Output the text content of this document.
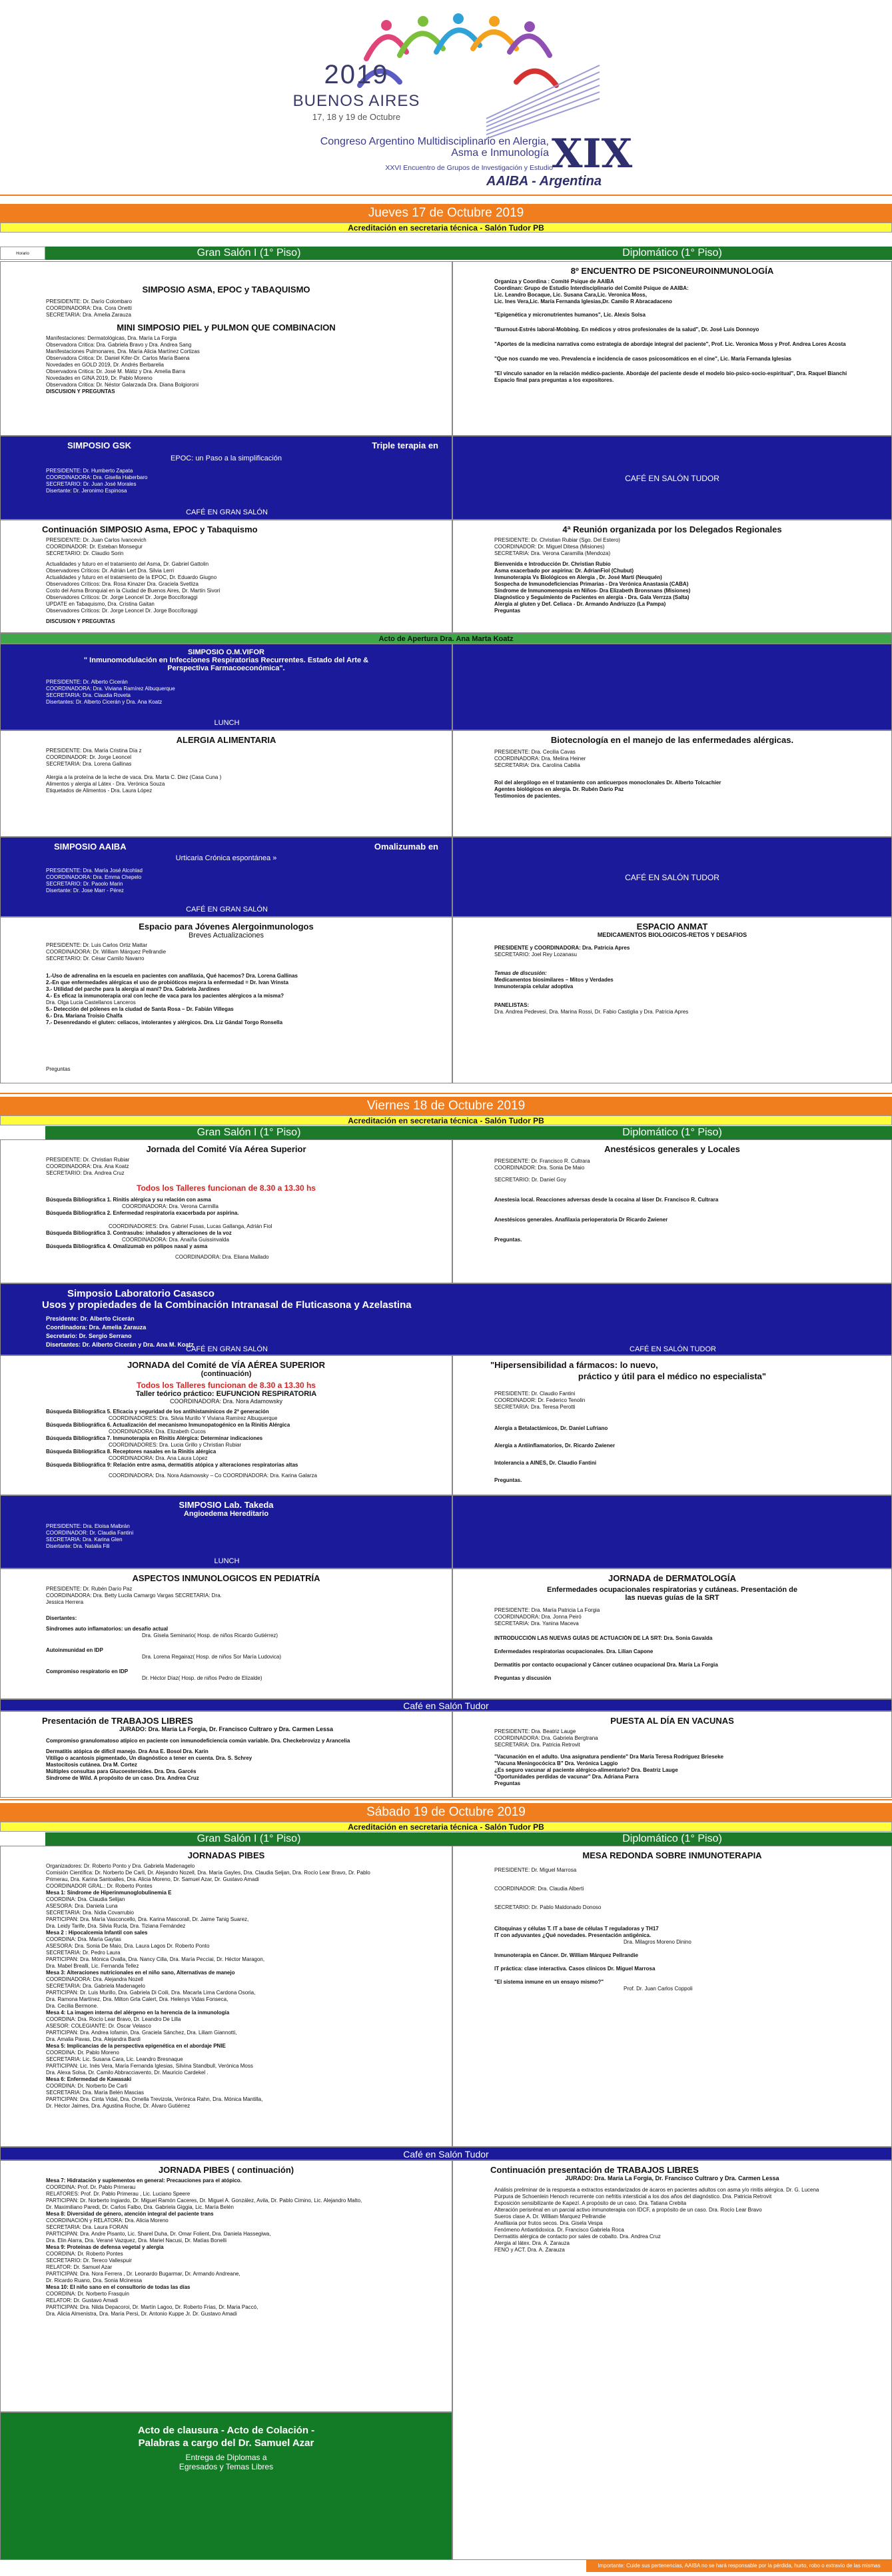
2019
BUENOS AIRES
17, 18 y 19 de Octubre
Congreso Argentino Multidisciplinario en Alergia, Asma e Inmunología XIX
XXVI Encuentro de Grupos de Investigación y Estudio
AAIBA - Argentina
Jueves 17 de Octubre 2019
Acreditación en secretaria técnica - Salón Tudor PB
Horario	Gran Salón I (1° Piso)	Diplomático (1° Piso)
SIMPOSIO ASMA, EPOC y TABAQUISMO
PRESIDENTE: Dr. Darío Colombaro
COORDINADORA: Dra. Cora Onetti
SECRETARIA: Dra. Amelia Zarauza
MINI SIMPOSIO PIEL y PULMON QUE COMBINACION
Manifestaciones: Dermatológicas, Dra. María La Forgia
Observadora Critica: Dra. Gabriela Bravo y Dra. Andrea Sang
Manifestaciones Pulmonares, Dra. María Alicia Martínez Cortizas
Observadora Critica: Dr. Daniel Kifer-Dr. Carlos María Baena
Novedades en GOLD 2019, Dr. Andrés Berbarelia
Observadora Critica: Dr. José M. Mátiz y Dra. Amelia Barra
Novedades en GINA 2019, Dr. Pablo Moreno
Observadora Critica: Dr. Néstor Galarzada Dra. Diana Bolgioroni
DISCUSION Y PREGUNTAS
8º ENCUENTRO DE PSICONEUROINMUNOLOGÍA
Organiza y Coordina : Comité Psique de AAIBA
Coordinan: Grupo de Estudio Interdisciplinario del Comité Psique de AAIBA:
Lic. Leandro Bocaque, Lic. Susana Cara,Lic. Veronica Moss,
Lic. Ines Vera,Lic. María Fernanda Iglesias,Dr. Camilo R Abracadaceno
"Epigenética y micronutrientes humanos", Lic. Alexis Solsa
"Burnout-Estrés laboral-Mobbing. En médicos y otros profesionales de la salud", Dr. José Luis Donnoyo
"Aportes de la medicina narrativa como estrategia de abordaje integral del paciente", Prof. Lic. Veronica Moss y Prof. Andrea Lores Acosta
"Que nos cuando me veo. Prevalencia e incidencia de casos psicosomáticos en el cine", Lic. María Fernanda Iglesias
"El vínculo sanador en la relación médico-paciente. Abordaje del paciente desde el modelo bio-psico-socio-espiritual", Dra. Raquel Bianchi
Espacio final para preguntas a los expositores.
SIMPOSIO GSK	Triple terapia en
EPOC: un Paso a la simplificación
PRESIDENTE: Dr. Humberto Zapata
COORDINADORA: Dra. Gisella Haberbaro
SECRETARIO: Dr. Juan José Morales
Disertante: Dr. Jeronimo Espinosa
CAFÉ EN GRAN SALÓN
CAFÉ EN SALÓN TUDOR
Continuación SIMPOSIO Asma, EPOC y Tabaquismo
PRESIDENTE: Dr. Juan Carlos Ivancevich
COORDINADOR: Dr. Esteban Monsegur
SECRETARIO: Dr. Claudio Sorin
Actualidades y futuro en el tratamiento del Asma, Dr. Gabriel Gattolin
Observadores Críticos: Dr. Adrián Lert Dra. Silvia Lerri
Actualidades y futuro en el tratamiento de la EPOC, Dr. Eduardo Giugno
Observadores Críticos: Dra. Rosa Kinazer Dra. Graciela Svetliza
Costo del Asma Bronquial en la Ciudad de Buenos Aires, Dr. Martín Sivori
Observadores Críticos: Dr. Jorge Leoncel Dr. Jorge Bocciforaggi
UPDATE en Tabaquismo, Dra. Cristina Gaitan
Observadores Críticos: Dr. Jorge Leoncel Dr. Jorge Bocciforaggi
DISCUSION Y PREGUNTAS
4ª Reunión organizada por los Delegados Regionales
PRESIDENTE: Dr. Christian Rubiar (Sgo. Del Estero)
COORDINADOR: Dr. Miguel Ditesa (Misiones)
SECRETARIA: Dra. Verona Caramilla (Mendoza)
Bienvenida e Introducción Dr. Christian Rubio
Asma exacerbado por aspirina: Dr. AdrianFiol (Chubut)
Inmunoterapia Vs Biológicos en Alergia , Dr. José Martí (Neuquén)
Sospecha de Inmunodeficiencias Primarias - Dra Verónica Anastasia (CABA)
Síndrome de Inmunomenopsia en Niños- Dra Elizabeth Bronsnans (Misiones)
Diagnóstico y Seguimiento de Pacientes en alergia - Dra. Gala Verrzza (Salta)
Alergia al gluten y Def. Celiaca - Dr. Armando Andriuzzo (La Pampa)
Preguntas
Acto de Apertura Dra. Ana Marta Koatz
SIMPOSIO O.M.VIFOR
" Inmunomodulación en Infecciones Respiratorias Recurrentes. Estado del Arte & Perspectiva Farmacoeconómica".
PRESIDENTE: Dr. Alberto Cicerán
COORDINADORA: Dra. Viviana Ramírez Albuquerque
SECRETARIA: Dra. Claudia Roveta
Disertantes: Dr. Alberto Cicerán y Dra. Ana Koatz
LUNCH
ALERGIA ALIMENTARIA
PRESIDENTE: Dra. María Cristina Día z
COORDINADOR: Dr. Jorge Leoncel
SECRETARIA: Dra. Lorena Gallinas
Alergia a la proteína de la leche de vaca. Dra. Marta C. Diez (Casa Cuna )
Alimentos y alergia al Látex - Dra. Verónica Souza
Etiquetados de Alimentos - Dra. Laura López
Biotecnología en el manejo de las enfermedades alérgicas.
PRESIDENTE: Dra. Cecilia Cavas
COORDINADORA: Dra. Melina Heiner
SECRETARIA: Dra. Carolina Cabilia
Rol del alergólogo en el tratamiento con anticuerpos monoclonales Dr. Alberto Tolcachier
Agentes biológicos en alergia. Dr. Rubén Darío Paz
Testimonios de pacientes.
SIMPOSIO AAIBA	Omalizumab en
Urticaria Crónica espontánea »
PRESIDENTE: Dra. María José Alcohlad
COORDINADORA: Dra. Emma Chepelo
SECRETARIO: Dr. Paoolo Marin
Disertante: Dr. Jose Marr - Pérez
CAFÉ EN GRAN SALÓN
CAFÉ EN SALÓN TUDOR
Espacio para Jóvenes Alergoinmunologos
Breves Actualizaciones
PRESIDENTE: Dr. Luis Carlos Ortiz Mattar
COORDINADORA: Dr. William Márquez Pellrandie
SECRETARIO: Dr. César Camilo Navarro
1.-Uso de adrenalina en la escuela en pacientes con anafilaxia, Qué hacemos? Dra. Lorena Gallinas
2.-En que enfermedades alérgicas el uso de probióticos mejora la enfermedad = Dr. Ivan Vrinsta
3.- Utilidad del parche para la alergia al maní? Dra. Gabriela Jardines
4.- Es eficaz la inmunoterapia oral con leche de vaca para los pacientes alérgicos a la misma?
Dra. Olga Lucia Castellanos Lanceros
5.- Detección del pólenes en la ciudad de Santa Rosa – Dr. Fabián Villegas
6.- Dra. Mariana Troisio Chalfa
7.- Desenredando el gluten: celiacos, intolerantes y alérgicos. Dra. Liz Gándal Torgo Ronsella
Preguntas
ESPACIO ANMAT
MEDICAMENTOS BIOLOGICOS-RETOS Y DESAFIOS
PRESIDENTE y COORDINADORA: Dra. Patricia Apres
SECRETARIO: Joel Rey Lozanasu
Temas de discusión:
Medicamentos biosimilares – Mitos y Verdades
Inmunoterapia celular adoptiva
PANELISTAS:
Dra. Andrea Pedevesi, Dra. Marina Rossi, Dr. Fabio Castiglia y Dra. Patricia Apres
Viernes 18 de Octubre 2019
Acreditación en secretaria técnica - Salón Tudor PB
Gran Salón I (1° Piso)	Diplomático (1° Piso)
Jornada del Comité Vía Aérea Superior
PRESIDENTE: Dr. Christian Rubiar
COORDINADORA: Dra. Ana Koatz
SECRETARIO: Dra. Andrea Cruz
Todos los Talleres funcionan de 8.30 a 13.30 hs
Búsqueda Bibliográfica 1. Rinitis alérgica y su relación con asma
COORDINADORA: Dra. Verona Carmilla
Búsqueda Bibliográfica 2. Enfermedad respiratoria exacerbada por aspirina.
COORDINADORES: Dra. Gabriel Fusas, Lucas Gallanga, Adrián Fiol
Búsqueda Bibliográfica 3. Contrasubs: inhalados y alteraciones de la voz
COORDINADORA: Dra. Anaíña Guissinvalda
Búsqueda Bibliográfica 4. Omalizumab en pólipos nasal y asma
COORDINADORA: Dra. Eliana Mallado
Anestésicos generales y Locales
PRESIDENTE: Dr. Francisco R. Cultrara
COORDINADOR: Dra. Sonia De Maio
SECRETARIO: Dr. Daniel Goy
Anestesia local. Reacciones adversas desde la cocaína al láser Dr. Francisco R. Cultrara
Anestésicos generales. Anafilaxia perioperatoria Dr Ricardo Zwiener
Preguntas.
Simposio Laboratorio Casasco
Usos y propiedades de la Combinación Intranasal de Fluticasona y Azelastina
Presidente: Dr. Alberto Cicerán
Coordinadora: Dra. Amelia Zarauza
Secretario: Dr. Sergio Serrano
Disertantes: Dr. Alberto Cicerán y Dra. Ana M. Koatz
CAFÉ EN GRAN SALÓN	CAFÉ EN SALÓN TUDOR
JORNADA del Comité de VÍA AÉREA SUPERIOR
(continuación)
Todos los Talleres funcionan de 8.30 a 13.30 hs
Taller teórico práctico: EUFUNCION RESPIRATORIA
COORDINADORA: Dra. Nora Adamowsky
Búsqueda Bibliográfica 5. Eficacia y seguridad de los antihistamínicos de 2ª generación
COORDINADORES: Dra. Silvia Murillo Y Viviana Ramírez Albuquerque
Búsqueda Bibliográfica 6. Actualización del mecanismo Inmunopatogénico en la Rinitis Alérgica
COORDINADORA: Dra. Elizabeth Cucos
Búsqueda Bibliográfica 7. Inmunoterapia en Rinitis Alérgica: Determinar indicaciones
COORDINADORES: Dra. Lucia Grillo y Christian Rubiar
Búsqueda Bibliográfica 8. Receptores nasales en la Rinitis alérgica
COORDINADORA: Dra. Ana Laura López
Búsqueda Bibliográfica 9: Relación entre asma, dermatitis atópica y alteraciones respiratorias altas
COORDINADORA: Dra. Nora Adamowsky – Co COORDINADORA: Dra. Karina Galarza
"Hipersensibilidad a fármacos: lo nuevo,
práctico y útil para el médico no especialista"
PRESIDENTE: Dr. Claudio Fantini
COORDINADOR: Dr. Federico Tenolin
SECRETARIA: Dra. Teresa Perotti
Alergia a Betalactámicos, Dr. Daniel Lufriano
Alergia a Antiinflamatorios, Dr. Ricardo Zwiener
Intolerancia a AINES, Dr. Claudio Fantini
Preguntas.
SIMPOSIO Lab. Takeda
Angioedema Hereditario
PRESIDENTE: Dra. Eloisa Malbrán
COORDINADOR: Dr. Claudia Fantini
SECRETARIA: Dra. Karina Glen
Disertante: Dra. Natalia Fili
LUNCH
ASPECTOS INMUNOLOGICOS EN PEDIATRÍA
PRESIDENTE: Dr. Rubén Darío Paz
COORDINADORA: Dra. Betty Lucila Camargo Vargas SECRETARIA: Dra.
Jessica Herrera
Disertantes:
Síndromes auto inflamatorios: un desafío actual
Dra. Gisela Seminario( Hosp. de niños Ricardo Gutiérrez)
Autoinmunidad en IDP
Dra. Lorena Regairaz( Hosp. de niños Sor María Ludovica)
Compromiso respiratorio en IDP
Dr. Héctor Díaz( Hosp. de niños Pedro de Elizalde)
JORNADA de DERMATOLOGÍA
Enfermedades ocupacionales respiratorias y cutáneas. Presentación de las nuevas guías de la SRT
PRESIDENTE: Dra. María Patricia La Forgia
COORDINADORA: Dra. Jonna Peiró
SECRETARIA: Dra. Yanina Maceva
INTRODUCCIÓN LAS NUEVAS GUÍAS DE ACTUACIÓN DE LA SRT: Dra. Sonia Gavalda
Enfermedades respiratorias ocupacionales. Dra. Lilian Capone
Dermatitis por contacto ocupacional y Cáncer cutáneo ocupacional Dra. María La Forgia
Preguntas y discusión
Café en Salón Tudor
Presentación de TRABAJOS LIBRES
JURADO: Dra. María La Forgia, Dr. Francisco Cultraro y Dra. Carmen Lessa
Compromiso granulomatoso atípico en paciente con inmunodeficiencia común variable. Dra. Checkebrovizz y Arancelia
Dermatitis atópica de difícil manejo. Dra Ana E. Bosol Dra. Karin
Vitiligo o acantosis pigmentado, Un diagnóstico a tener en cuenta. Dra. S. Schrey
Mastocitosis cutánea. Dra M. Cortez
Múltiples consultas para Glucoesteroides. Dra. Dra. Garcés
Síndrome de Wild. A propósito de un caso. Dra. Andrea Cruz
PUESTA AL DÍA EN VACUNAS
PRESIDENTE: Dra. Beatriz Lauge
COORDINADORA: Dra. Gabriela Bergtrana
SECRETARIA: Dra. Patricia Retrovit
"Vacunación en el adulto. Una asignatura pendiente" Dra María Teresa Rodríguez Brieseke
"Vacuna Meningocócica B" Dra. Verónica Laggio
¿Es seguro vacunar al paciente alérgico-alimentario? Dra. Beatriz Lauge
"Oportunidades perdidas de vacunar" Dra. Adriana Parra
Preguntas
Sábado 19 de Octubre 2019
Acreditación en secretaria técnica - Salón Tudor PB
Gran Salón I (1° Piso)	Diplomático (1° Piso)
JORNADAS PIBES
Organizadores: Dr. Roberto Ponto y Dra. Gabriela Madenagelo
Comisión Científica: Dr. Norberto De Carli, Dr. Alejandro Nozell, Dra. María Gayles, Dra. Claudia Seljan, Dra. Rocío Lear Bravo, Dr. Pablo
Primerau, Dra. Karina Santoalles, Dra. Alicia Moreno, Dr. Samuel Azar, Dr. Gustavo Amadi
COORDINADOR GRAL.: Dr. Roberto Pontes
Mesa 1: Síndrome de Hiperinmunoglobulinemia E
COORDINA: Dra. Claudia Selijan
ASESORA: Dra. Daniela Luna
SECRETARIA: Dra. Nidia Covarrubio
PARTICIPAN: Dra. María Vasconcello, Dra. Karina Mascorall, Dr. Jaime Tanig Suarez,
Dra. Leidy Tarife, Dra. Silvia Rucla, Dra. Tiziana Fernández
Mesa 2 : Hipocalcemia Infantil con sales
COORDINA: Dra. María Gaytas
ASESORA: Dra. Sonia De Maio, Dra. Laura Lagos Dr. Roberto Ponto
SECRETARIA: Dr. Pedro Laura
PARTICIPAN: Dra. Mónica Ovalla, Dra. Nancy Cilla, Dra. María Pecciai, Dr. Héctor Maragon,
Dra. Mabel Brealli, Lic. Fernanda Tellez
Mesa 3: Alteraciones nutricionales en el niño sano, Alternativas de manejo
COORDINADORA: Dra. Alejandra Nozell
SECRETARIA: Dra. Gabriela Madenagelo
PARTICIPAN: Dr. Luis Murillo, Dra. Gabriela Di Coili, Dra. Macarla Lima Cardona Osoria,
Dra. Ramona Martínez, Dra. Milton Grta Calert, Dra. Helenys Vidas Fonseca,
Dra. Cecilia Bermone.
Mesa 4: La imagen interna del alérgeno en la herencia de la inmunología
COORDINA: Dra. Rocío Lear Bravo, Dr. Leandro De Lilla
ASESOR: COLEGIANTE: Dr. Óscar Velasco
PARTICIPAN: Dra. Andrea Iofamin, Dra. Graciela Sánchez, Dra. Liliam Giannotti,
Dra. Amalia Pavas, Dra. Alejandra Bardi
Mesa 5: Implicancias de la perspectiva epigenética en el abordaje PNIE
COORDINA: Dr. Pablo Moreno
SECRETARIA: Lic. Susana Cara, Lic. Leandro Bresnaque
PARTICIPAN: Lic. Inés Vera, María Fernanda Iglesias, Silvina Standbull, Verónica Moss
Dra. Alexa Solsa, Dr. Camilo Abbracciavento, Dr. Mauricio Cardekel .
Mesa 6: Enfermedad de Kawasaki
COORDINA: Dr. Norberto De Carli
SECRETARIA: Dra. María Belén Mascias
PARTICIPAN: Dra. Cinta Vidal, Dra. Ornella Trevizola, Verónica Rahn, Dra. Mónica Mantilla,
Dr. Héctor Jaimes, Dra. Agustina Roche, Dr. Álvaro Gutiérrez
MESA REDONDA SOBRE INMUNOTERAPIA
PRESIDENTE: Dr. Miguel Marrosa
COORDINADOR: Dra. Claudia Alberti
SECRETARIO: Dr. Pablo Maldonado Donoso
Citoquinas y células T. IT a base de células T reguladoras y TH17
IT con adyuvantes ¿Qué novedades. Presentación antigénica.
Dra. Milagros Moreno Dinino
Inmunoterapia en Cáncer. Dr. William Márquez Pellrandie
IT práctica: clase interactiva. Casos clínicos Dr. Miguel Marrosa
"El sistema inmune en un ensayo mismo?"
Prof. Dr. Juan Carlos Coppoli
Café en Salón Tudor
JORNADA PIBES ( continuación)
Mesa 7: Hidratación y suplementos en general: Precauciones para el atópico.
COORDINA: Prof. Dr. Pablo Primerau
RELATORES: Prof. Dr. Pablo Primerau , Lic. Luciano Speere
PARTICIPAN: Dr. Norberto Ingiardo, Dr. Miguel Ramón Caceres, Dr. Miguel A. González, Avila, Dr. Pablo Cimino, Lic. Alejandro Malto,
Dr. Maximiliano Paredi, Dr. Carlos Falbo, Dra. Gabriela Giggia, Lic. María Belén
Mesa 8: Diversidad de género, atención integral del paciente trans
COORDINACIÓN y RELATORA: Dra. Alicia Moreno
SECRETARIA: Dra. Laura FORAN
PARTICIPAN: Dra. Andre Pisanto, Lic. Sharel Duha, Dr. Omar Folient, Dra. Daniela Hassegiwa,
Dra. Elin Alarra, Dra. Verané Vazquez, Dra. Mariel Nacusi, Dr. Matías Bonelli
Mesa 9: Proteínas de defensa vegetal y alergia
COORDINA: Dr. Roberto Pontes
SECRETARIO: Dr. Tereco Vallespuir
RELATOR: Dr. Samuel Azar
PARTICIPAN: Dra. Nora Ferrera , Dr. Leonardo Bugarmar, Dr. Armando Andreane,
Dr. Ricardo Ruano, Dra. Sonia Mcinessa
Mesa 10: El niño sano en el consultorio de todas las días
COORDINA: Dr. Norberto Frasquín
RELATOR: Dr. Gustavo Amadi
PARTICIPAN: Dra. Nilda Depacoroi, Dr. Martín Lagoo, Dr. Roberto Frias, Dr. Maria Paccó,
Dra. Alicia Almenistra, Dra. María Persi, Dr. Antonio Kuppe Jr. Dr. Gustavo Amadi
Continuación presentación de TRABAJOS LIBRES
JURADO: Dra. María La Forgia, Dr. Francisco Cultraro y Dra. Carmen Lessa
Análisis preliminar de la respuesta a extractos estandarizados de ácaros en pacientes adultos con asma y/o rinitis alérgica. Dr. G. Lucena
Púrpura de Schoenlein Henoch recurrente con nefritis intersticial a los dos años del diagnóstico. Dra. Patricia Retrovit
Exposición sensibilizante de Kapezí. A propósito de un caso. Dra. Tatiana Crebita
Alteración perisrénal en un parcial activo inmunoterapia con IDCF, a propósito de un caso. Dra. Rocío Lear Bravo
Sueros clase A. Dr. William Marquez Pellrandie
Anafilaxia por frutos secos. Dra. Gisela Vespa
Fenómeno Antiantidoxica. Dr. Francisco Gabriela Roca
Dermatitis alérgica de contacto por sales de cobalto. Dra. Andrea Cruz
Alergia al látex. Dra. A. Zarauza
FENO y ACT. Dra. A. Zarauza
Acto de clausura - Acto de Colación -
Palabras a cargo del Dr. Samuel Azar
Entrega de Diplomas a
Egresados y Temas Libres
Importante: Cuide sus pertenencias, AAIBA no se hará responsable por la pérdida, hurto, robo o extravío de las mismas
